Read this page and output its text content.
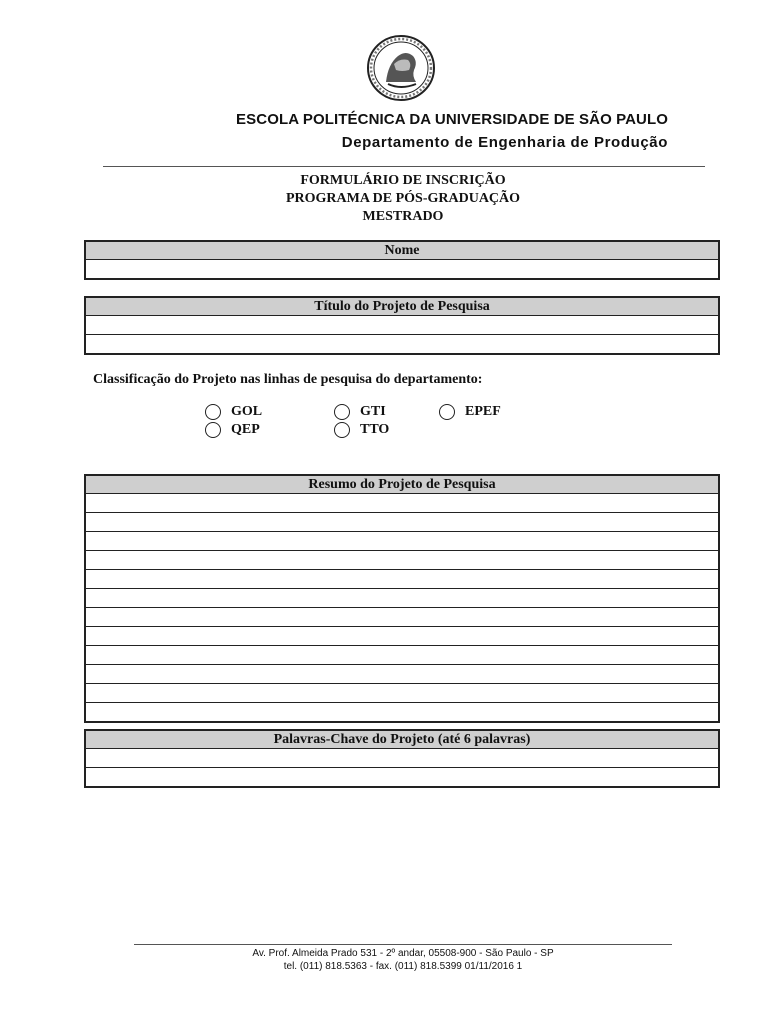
ESCOLA POLITÉCNICA DA UNIVERSIDADE DE SÃO PAULO
Departamento de Engenharia de Produção
FORMULÁRIO DE INSCRIÇÃO
PROGRAMA DE PÓS-GRADUAÇÃO
MESTRADO
Nome
Título do Projeto de Pesquisa
Classificação do Projeto nas linhas de pesquisa do departamento:
GOL
QEP
GTI
TTO
EPEF
Resumo do Projeto de Pesquisa
Palavras-Chave do Projeto (até 6 palavras)
Av. Prof. Almeida Prado 531 - 2º andar, 05508-900 - São Paulo - SP
tel. (011) 818.5363 - fax. (011) 818.5399 01/11/2016 1
